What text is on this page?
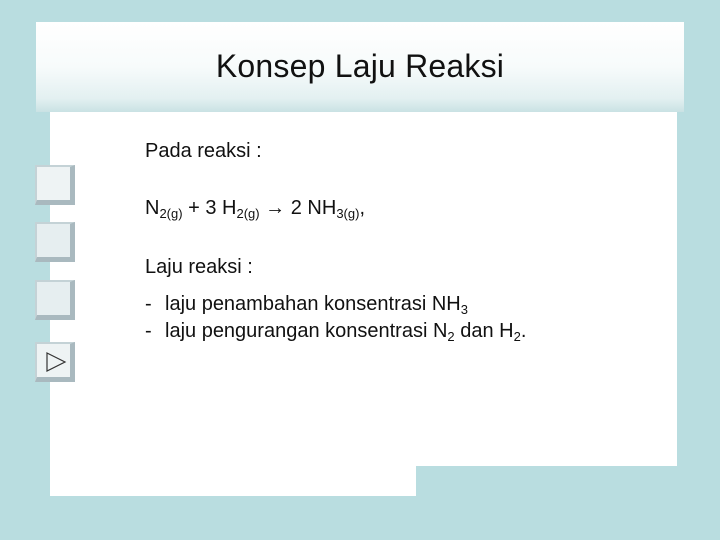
Konsep Laju Reaksi
Pada reaksi :
$N_{2(g)} + 3$ $H_{2(g)} \to 2$ $NH_{3(g)}$,
Laju reaksi :
- laju penambahan konsentrasi $NH_3$
- laju pengurangan konsentrasi $N_2$ dan $H_2$.
